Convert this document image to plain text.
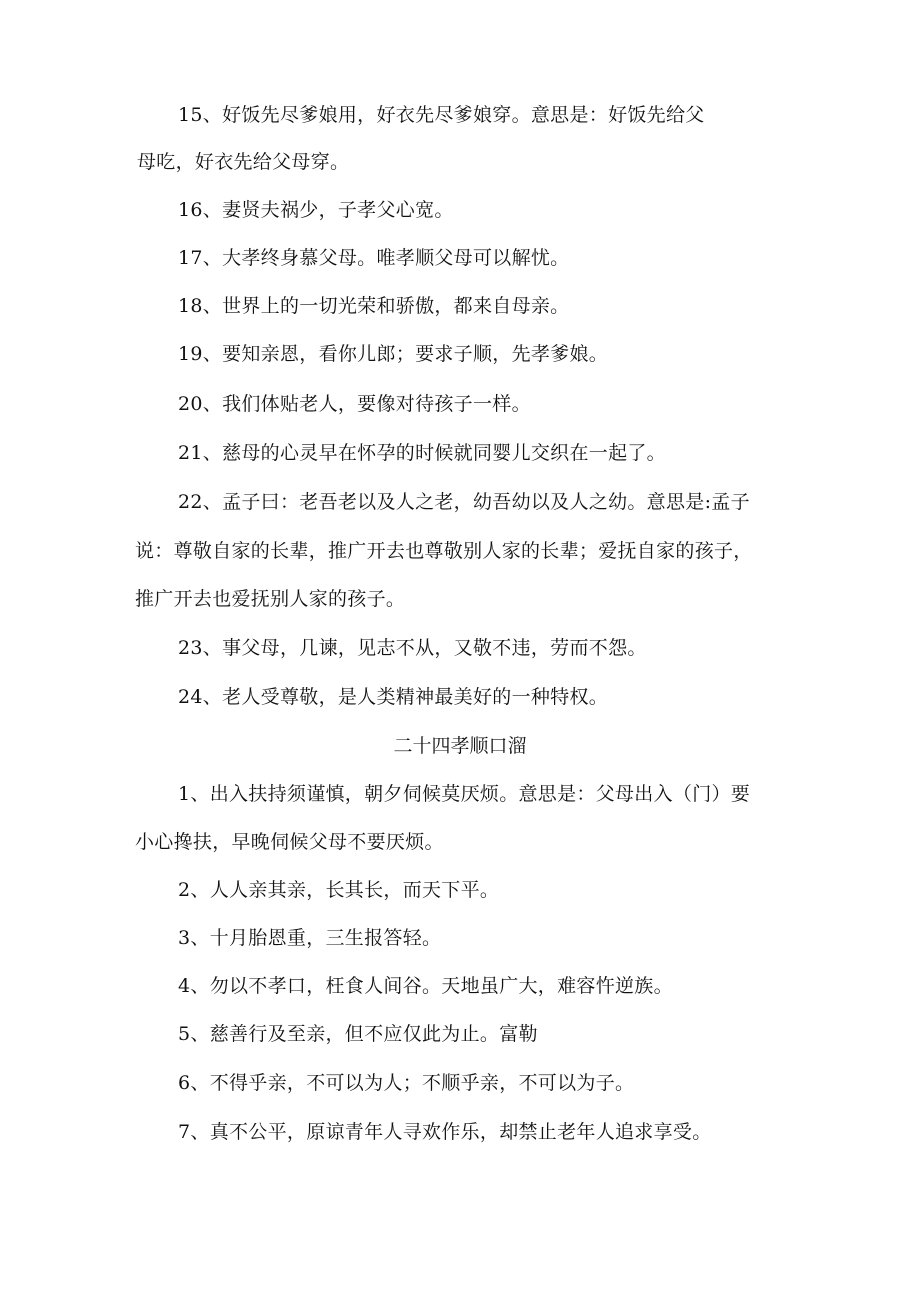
15、好饭先尽爹娘用，好衣先尽爹娘穿。意思是：好饭先给父
母吃，好衣先给父母穿。
16、妻贤夫祸少，子孝父心宽。
17、大孝终身慕父母。唯孝顺父母可以解忧。
18、世界上的一切光荣和骄傲，都来自母亲。
19、要知亲恩，看你儿郎；要求子顺，先孝爹娘。
20、我们体贴老人，要像对待孩子一样。
21、慈母的心灵早在怀孕的时候就同婴儿交织在一起了。
22、孟子曰：老吾老以及人之老，幼吾幼以及人之幼。意思是:孟子
说：尊敬自家的长辈，推广开去也尊敬别人家的长辈；爱抚自家的孩子，
推广开去也爱抚别人家的孩子。
23、事父母，几谏，见志不从，又敬不违，劳而不怨。
24、老人受尊敬，是人类精神最美好的一种特权。
二十四孝顺口溜
1、出入扶持须谨慎，朝夕伺候莫厌烦。意思是：父母出入（门）要
小心搀扶，早晚伺候父母不要厌烦。
2、人人亲其亲，长其长，而天下平。
3、十月胎恩重，三生报答轻。
4、勿以不孝口，枉食人间谷。天地虽广大，难容忤逆族。
5、慈善行及至亲，但不应仅此为止。富勒
6、不得乎亲，不可以为人；不顺乎亲，不可以为子。
7、真不公平，原谅青年人寻欢作乐，却禁止老年人追求享受。
